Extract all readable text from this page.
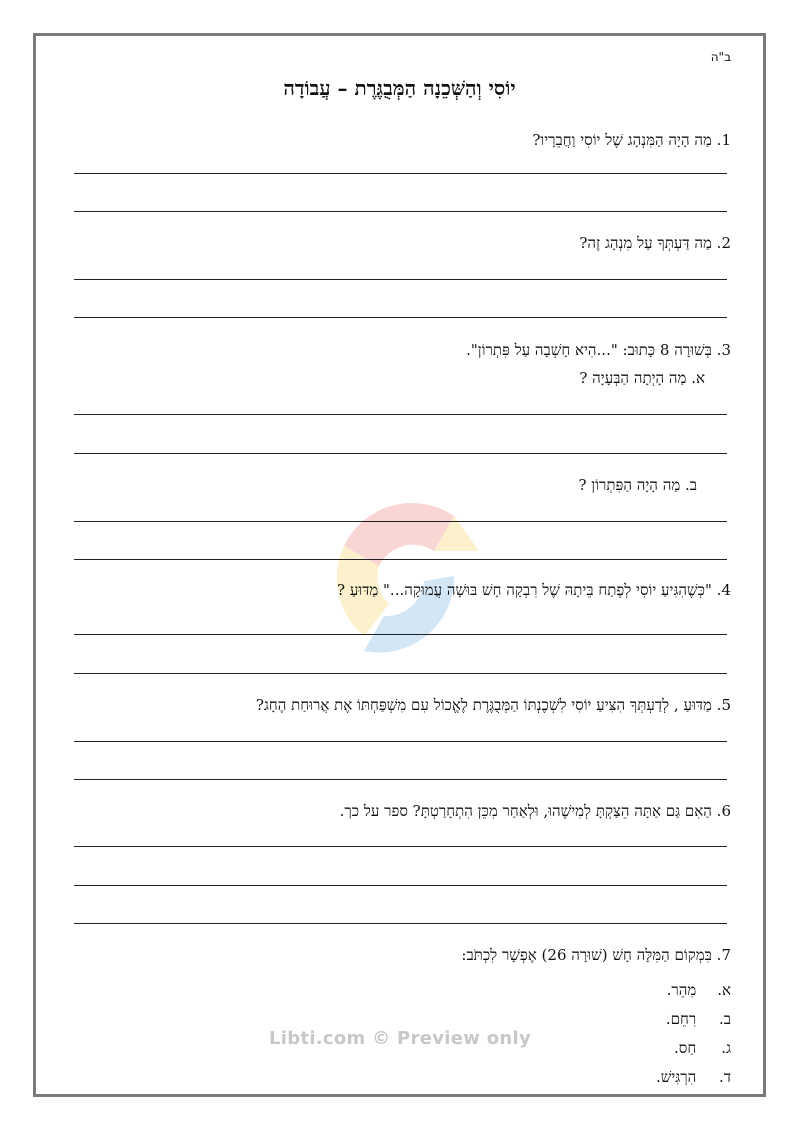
ב"ה
יוֹסִי וְהַשְּׁכֵנָה הַמְּבֻגֶּרֶת – עֲבוֹדָה
1. מַה הָיָה הַמִּנְהָג שֶׁל יוֹסִי וַחֲבֵרָיו?
2. מַה דַּעְתְּךָ עַל מִנְהָג זֶה?
3. בְּשׁוּרָה 8 כָּתוּב: "...הִיא חָשְׁבָה עַל פִּתְרוֹן".
א. מַה הָיְתָה הַבְּעָיָה ?
ב. מַה הָיָה הַפִּתְרוֹן ?
4. "כְּשֶׁהִגִּיעַ יוֹסִי לְפֶתַח בֵּיתָהּ שֶׁל רִבְקָה חָשׁ בּוּשָׁה עֲמוּקָה..." מַדּוּעַ ?
5. מַדּוּעַ , לְדַעְתְּךָ הִצִּיעַ יוֹסִי לִשְׁכֶנְתּוֹ הַמְּבֻגֶּרֶת לֶאֱכוֹל עִם מִשְׁפַּחְתּוֹ אֶת אֲרוּחַת הֶחָג?
6. הַאִם גַּם אַתָּה הֵצַקְתָּ לְמִישֶׁהוּ, וּלְאַחַר מִכֵּן הִתְחָרַטְתָּ? ספר על כך.
7. בִּמְקוֹם הַמִּלָּה חָשׁ (שׁוּרָה 26) אֶפְשָׁר לִכְתֹּב:
א. מִהֵר.
ב. רִחֵם.
ג. חַס.
ד. הִרְגִּישׁ.
Libti.com © Preview only
